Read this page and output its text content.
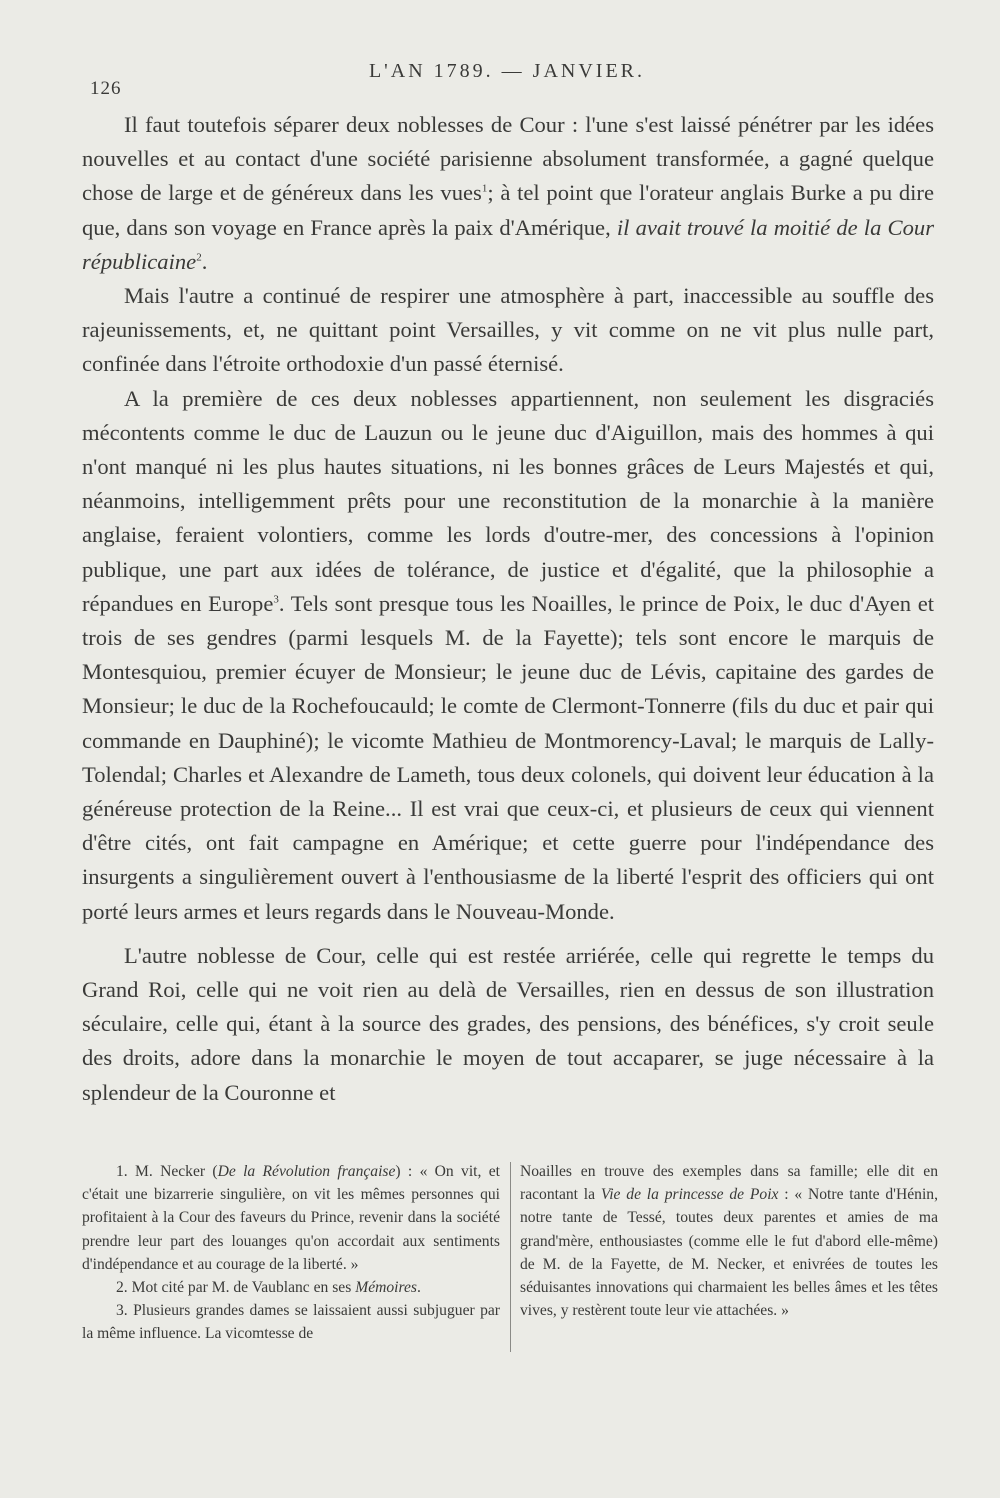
126
L'AN 1789. — JANVIER.

Il faut toutefois séparer deux noblesses de Cour : l'une s'est laissé pénétrer par les idées nouvelles et au contact d'une société parisienne absolument transformée, a gagné quelque chose de large et de généreux dans les vues$^1$; à tel point que l'orateur anglais Burke a pu dire que, dans son voyage en France après la paix d'Amérique, il avait trouvé la moitié de la Cour républicaine$^2$.

Mais l'autre a continué de respirer une atmosphère à part, inaccessible au souffle des rajeunissements, et, ne quittant point Versailles, y vit comme on ne vit plus nulle part, confinée dans l'étroite orthodoxie d'un passé éternisé.

A la première de ces deux noblesses appartiennent, non seulement les disgraciés mécontents comme le duc de Lauzun ou le jeune duc d'Aiguillon, mais des hommes à qui n'ont manqué ni les plus hautes situations, ni les bonnes grâces de Leurs Majestés et qui, néanmoins, intelligemment prêts pour une reconstitution de la monarchie à la manière anglaise, feraient volontiers, comme les lords d'outre-mer, des concessions à l'opinion publique, une part aux idées de tolérance, de justice et d'égalité, que la philosophie a répandues en Europe$^3$. Tels sont presque tous les Noailles, le prince de Poix, le duc d'Ayen et trois de ses gendres (parmi lesquels M. de la Fayette); tels sont encore le marquis de Montesquiou, premier écuyer de Monsieur; le jeune duc de Lévis, capitaine des gardes de Monsieur; le duc de la Rochefoucauld; le comte de Clermont-Tonnerre (fils du duc et pair qui commande en Dauphiné); le vicomte Mathieu de Montmorency-Laval; le marquis de Lally-Tolendal; Charles et Alexandre de Lameth, tous deux colonels, qui doivent leur éducation à la généreuse protection de la Reine... Il est vrai que ceux-ci, et plusieurs de ceux qui viennent d'être cités, ont fait campagne en Amérique; et cette guerre pour l'indépendance des insurgents a singulièrement ouvert à l'enthousiasme de la liberté l'esprit des officiers qui ont porté leurs armes et leurs regards dans le Nouveau-Monde.

L'autre noblesse de Cour, celle qui est restée arriérée, celle qui regrette le temps du Grand Roi, celle qui ne voit rien au delà de Versailles, rien en dessus de son illustration séculaire, celle qui, étant à la source des grades, des pensions, des bénéfices, s'y croit seule des droits, adore dans la monarchie le moyen de tout accaparer, se juge nécessaire à la splendeur de la Couronne et

1. M. Necker (De la Révolution française) : « On vit, et c'était une bizarrerie singulière, on vit les mêmes personnes qui profitaient à la Cour des faveurs du Prince, revenir dans la société prendre leur part des louanges qu'on accordait aux sentiments d'indépendance et au courage de la liberté. »

2. Mot cité par M. de Vaublanc en ses Mémoires.

3. Plusieurs grandes dames se laissaient aussi subjuguer par la même influence. La vicomtesse de

Noailles en trouve des exemples dans sa famille; elle dit en racontant la Vie de la princesse de Poix : « Notre tante d'Hénin, notre tante de Tessé, toutes deux parentes et amies de ma grand'mère, enthousiastes (comme elle le fut d'abord elle-même) de M. de la Fayette, de M. Necker, et enivrées de toutes les séduisantes innovations qui charmaient les belles âmes et les têtes vives, y restèrent toute leur vie attachées. »
